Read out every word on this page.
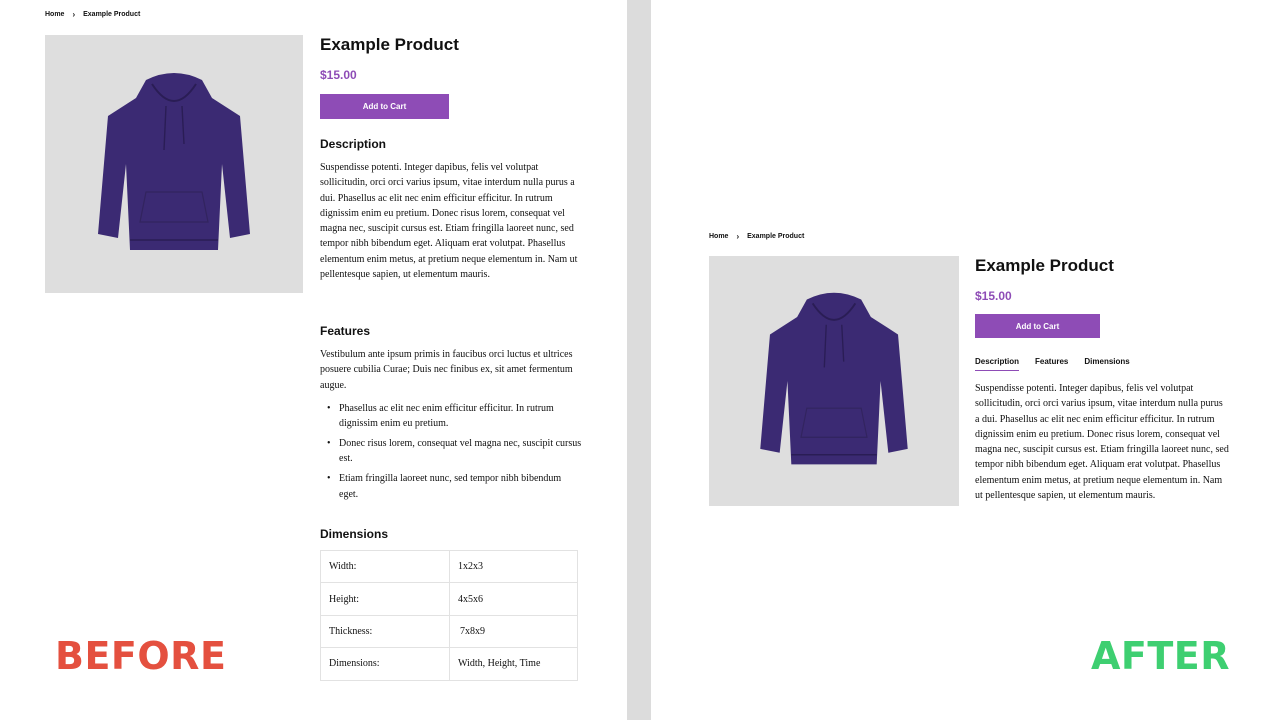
Home › Example Product
Example Product
$15.00
Add to Cart
Description
Suspendisse potenti. Integer dapibus, felis vel volutpat sollicitudin, orci orci varius ipsum, vitae interdum nulla purus a dui. Phasellus ac elit nec enim efficitur efficitur. In rutrum dignissim enim eu pretium. Donec risus lorem, consequat vel magna nec, suscipit cursus est. Etiam fringilla laoreet nunc, sed tempor nibh bibendum eget. Aliquam erat volutpat. Phasellus elementum enim metus, at pretium neque elementum in. Nam ut pellentesque sapien, ut elementum mauris.
Features
Vestibulum ante ipsum primis in faucibus orci luctus et ultrices posuere cubilia Curae; Duis nec finibus ex, sit amet fermentum augue.
• Phasellus ac elit nec enim efficitur efficitur. In rutrum dignissim enim eu pretium.
• Donec risus lorem, consequat vel magna nec, suscipit cursus est.
• Etiam fringilla laoreet nunc, sed tempor nibh bibendum eget.
Dimensions
Width:	1x2x3
Height:	4x5x6
Thickness:	7x8x9
Dimensions:	Width, Height, Time
BEFORE
Home › Example Product
Example Product
$15.00
Add to Cart
Description Features Dimensions
Suspendisse potenti. Integer dapibus, felis vel volutpat sollicitudin, orci orci varius ipsum, vitae interdum nulla purus a dui. Phasellus ac elit nec enim efficitur efficitur. In rutrum dignissim enim eu pretium. Donec risus lorem, consequat vel magna nec, suscipit cursus est. Etiam fringilla laoreet nunc, sed tempor nibh bibendum eget. Aliquam erat volutpat. Phasellus elementum enim metus, at pretium neque elementum in. Nam ut pellentesque sapien, ut elementum mauris.
AFTER
